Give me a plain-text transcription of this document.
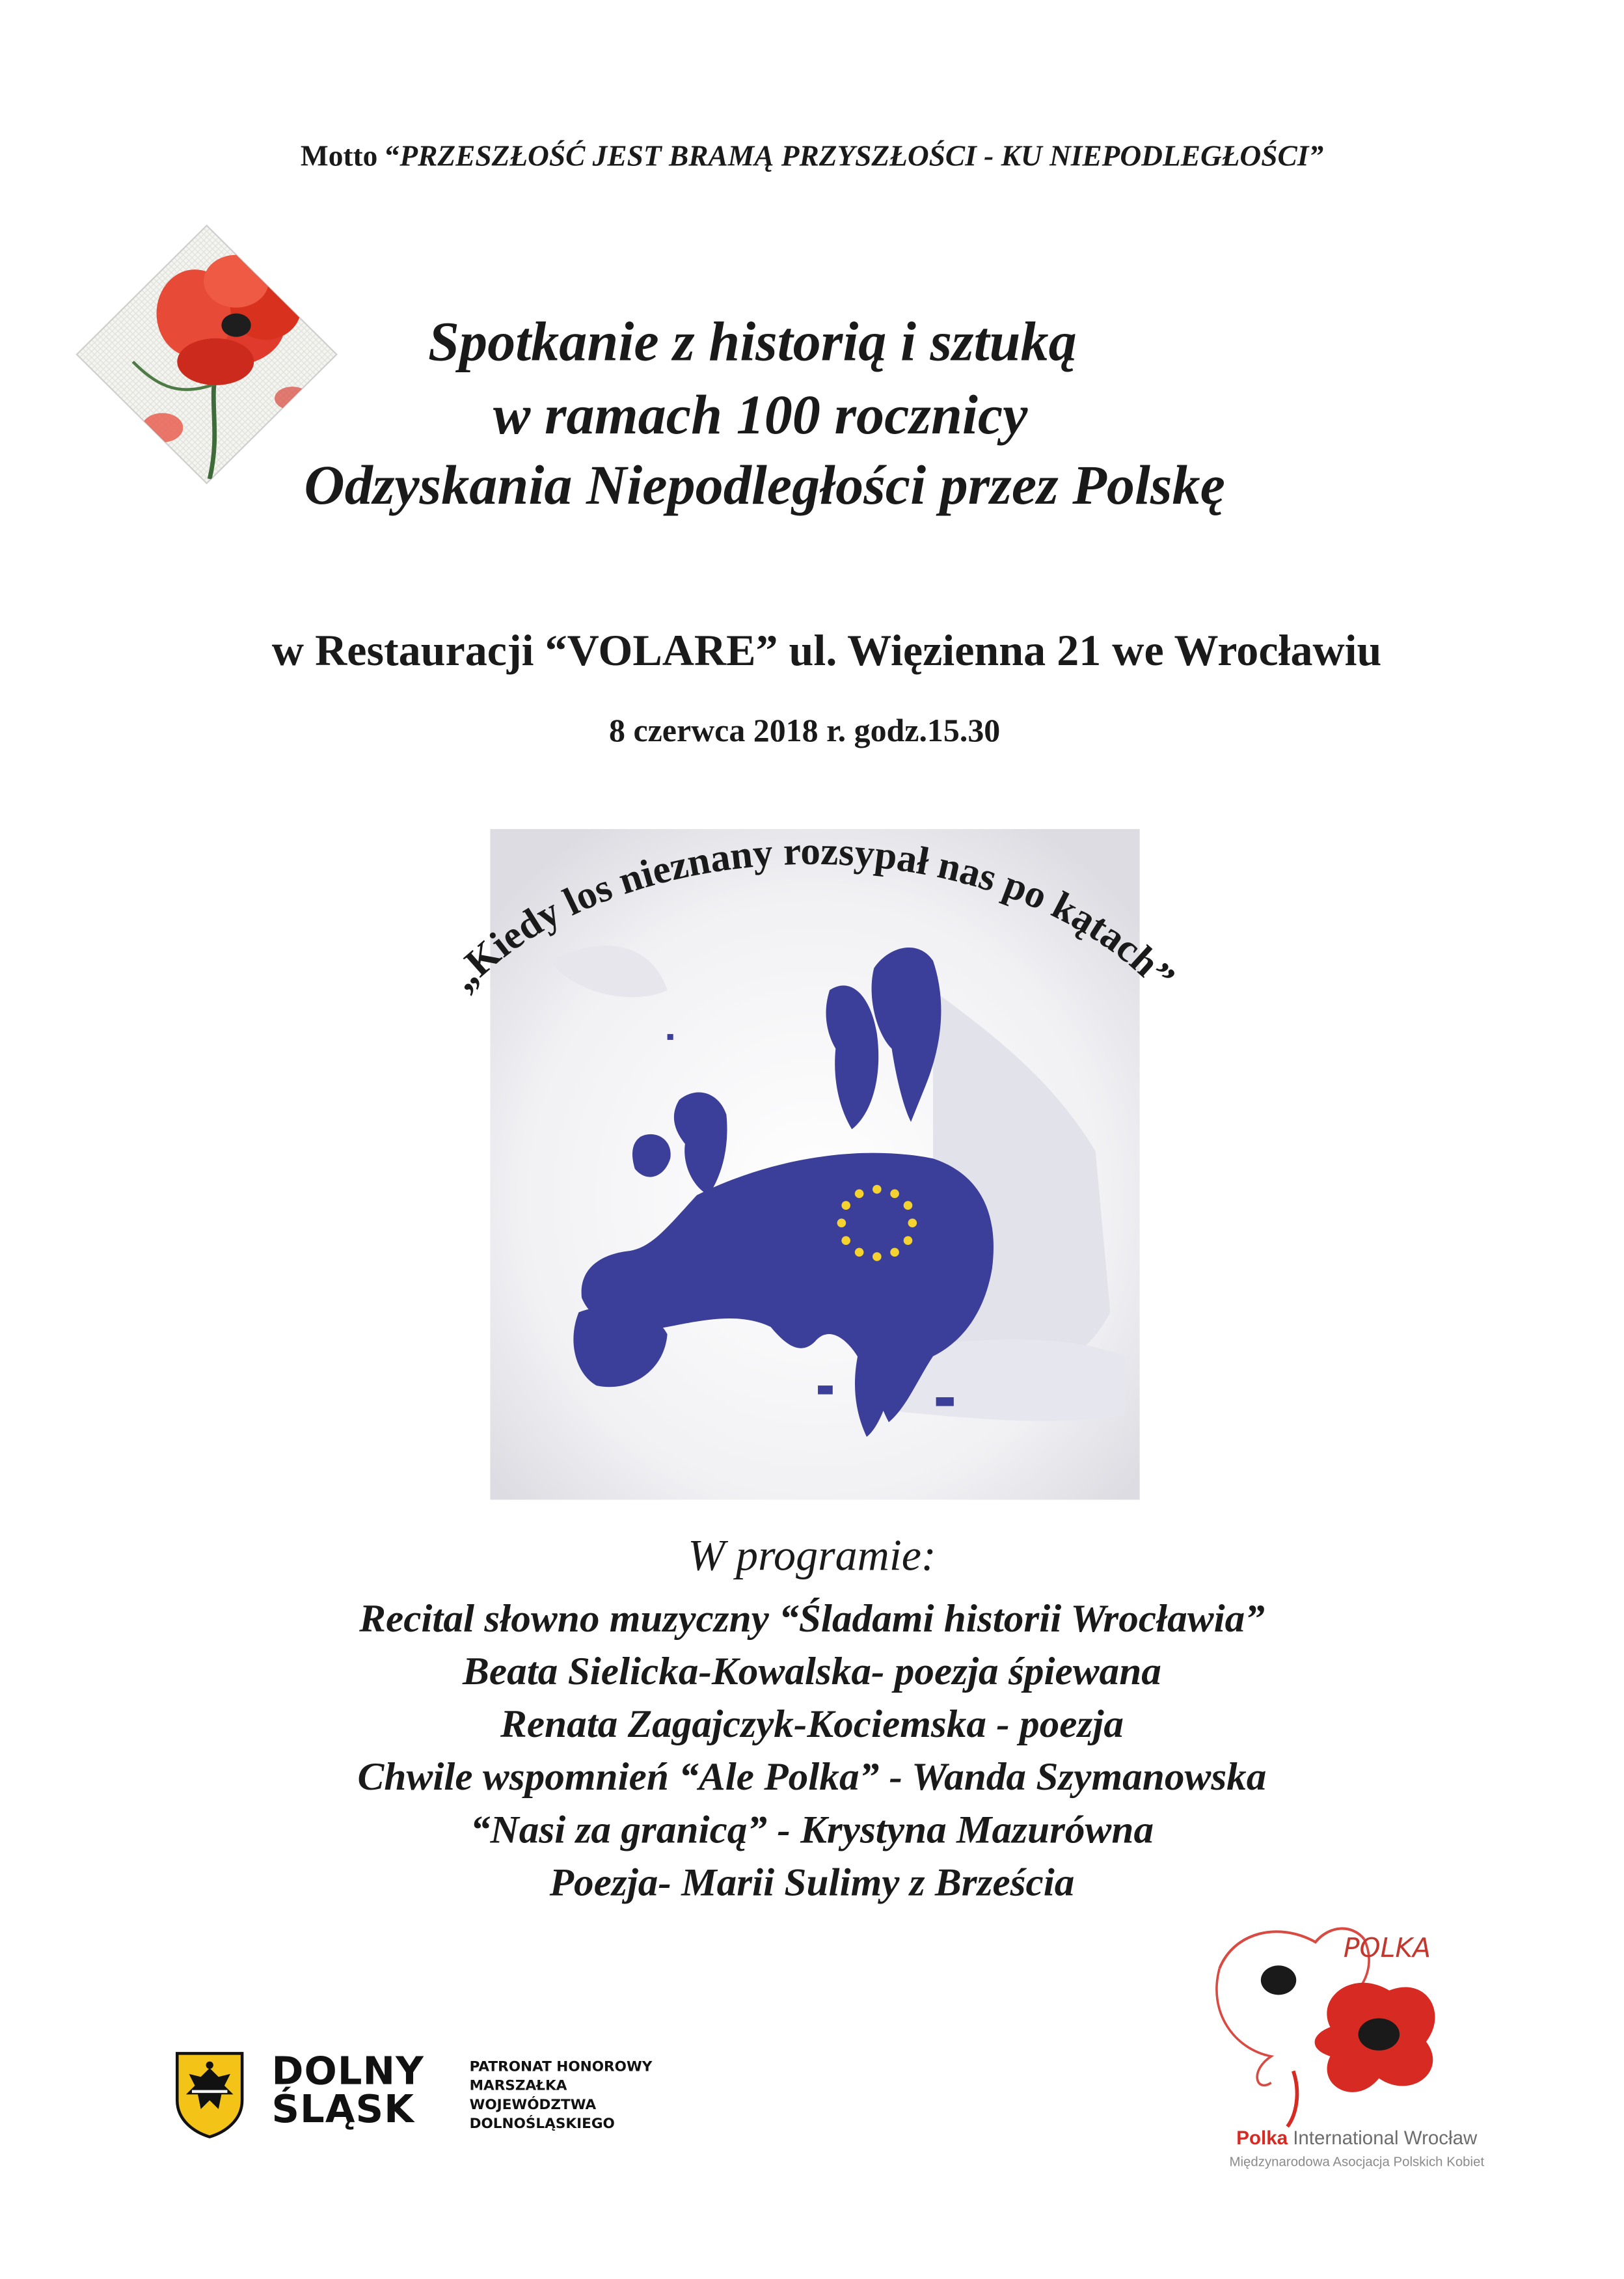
Motto “PRZESZŁOŚĆ JEST BRAMĄ PRZYSZŁOŚCI - KU NIEPODLEGŁOŚCI”
Spotkanie z historią i sztuką
w ramach 100 rocznicy
Odzyskania Niepodległości przez Polskę
w Restauracji “VOLARE” ul. Więzienna 21 we Wrocławiu
8 czerwca 2018 r. godz.15.30
„Kiedy los nieznany rozsypał nas po kątach”
W programie:
Recital słowno muzyczny “Śladami historii Wrocławia”
Beata Sielicka-Kowalska- poezja śpiewana
Renata Zagajczyk-Kociemska - poezja
Chwile wspomnień “Ale Polka” - Wanda Szymanowska
“Nasi za granicą” - Krystyna Mazurówna
Poezja- Marii Sulimy z Brześcia
DOLNY
ŚLĄSK
PATRONAT HONOROWY
MARSZAŁKA
WOJEWÓDZTWA
DOLNOŚLĄSKIEGO
POLKA
Polka International Wrocław
Międzynarodowa Asocjacja Polskich Kobiet
